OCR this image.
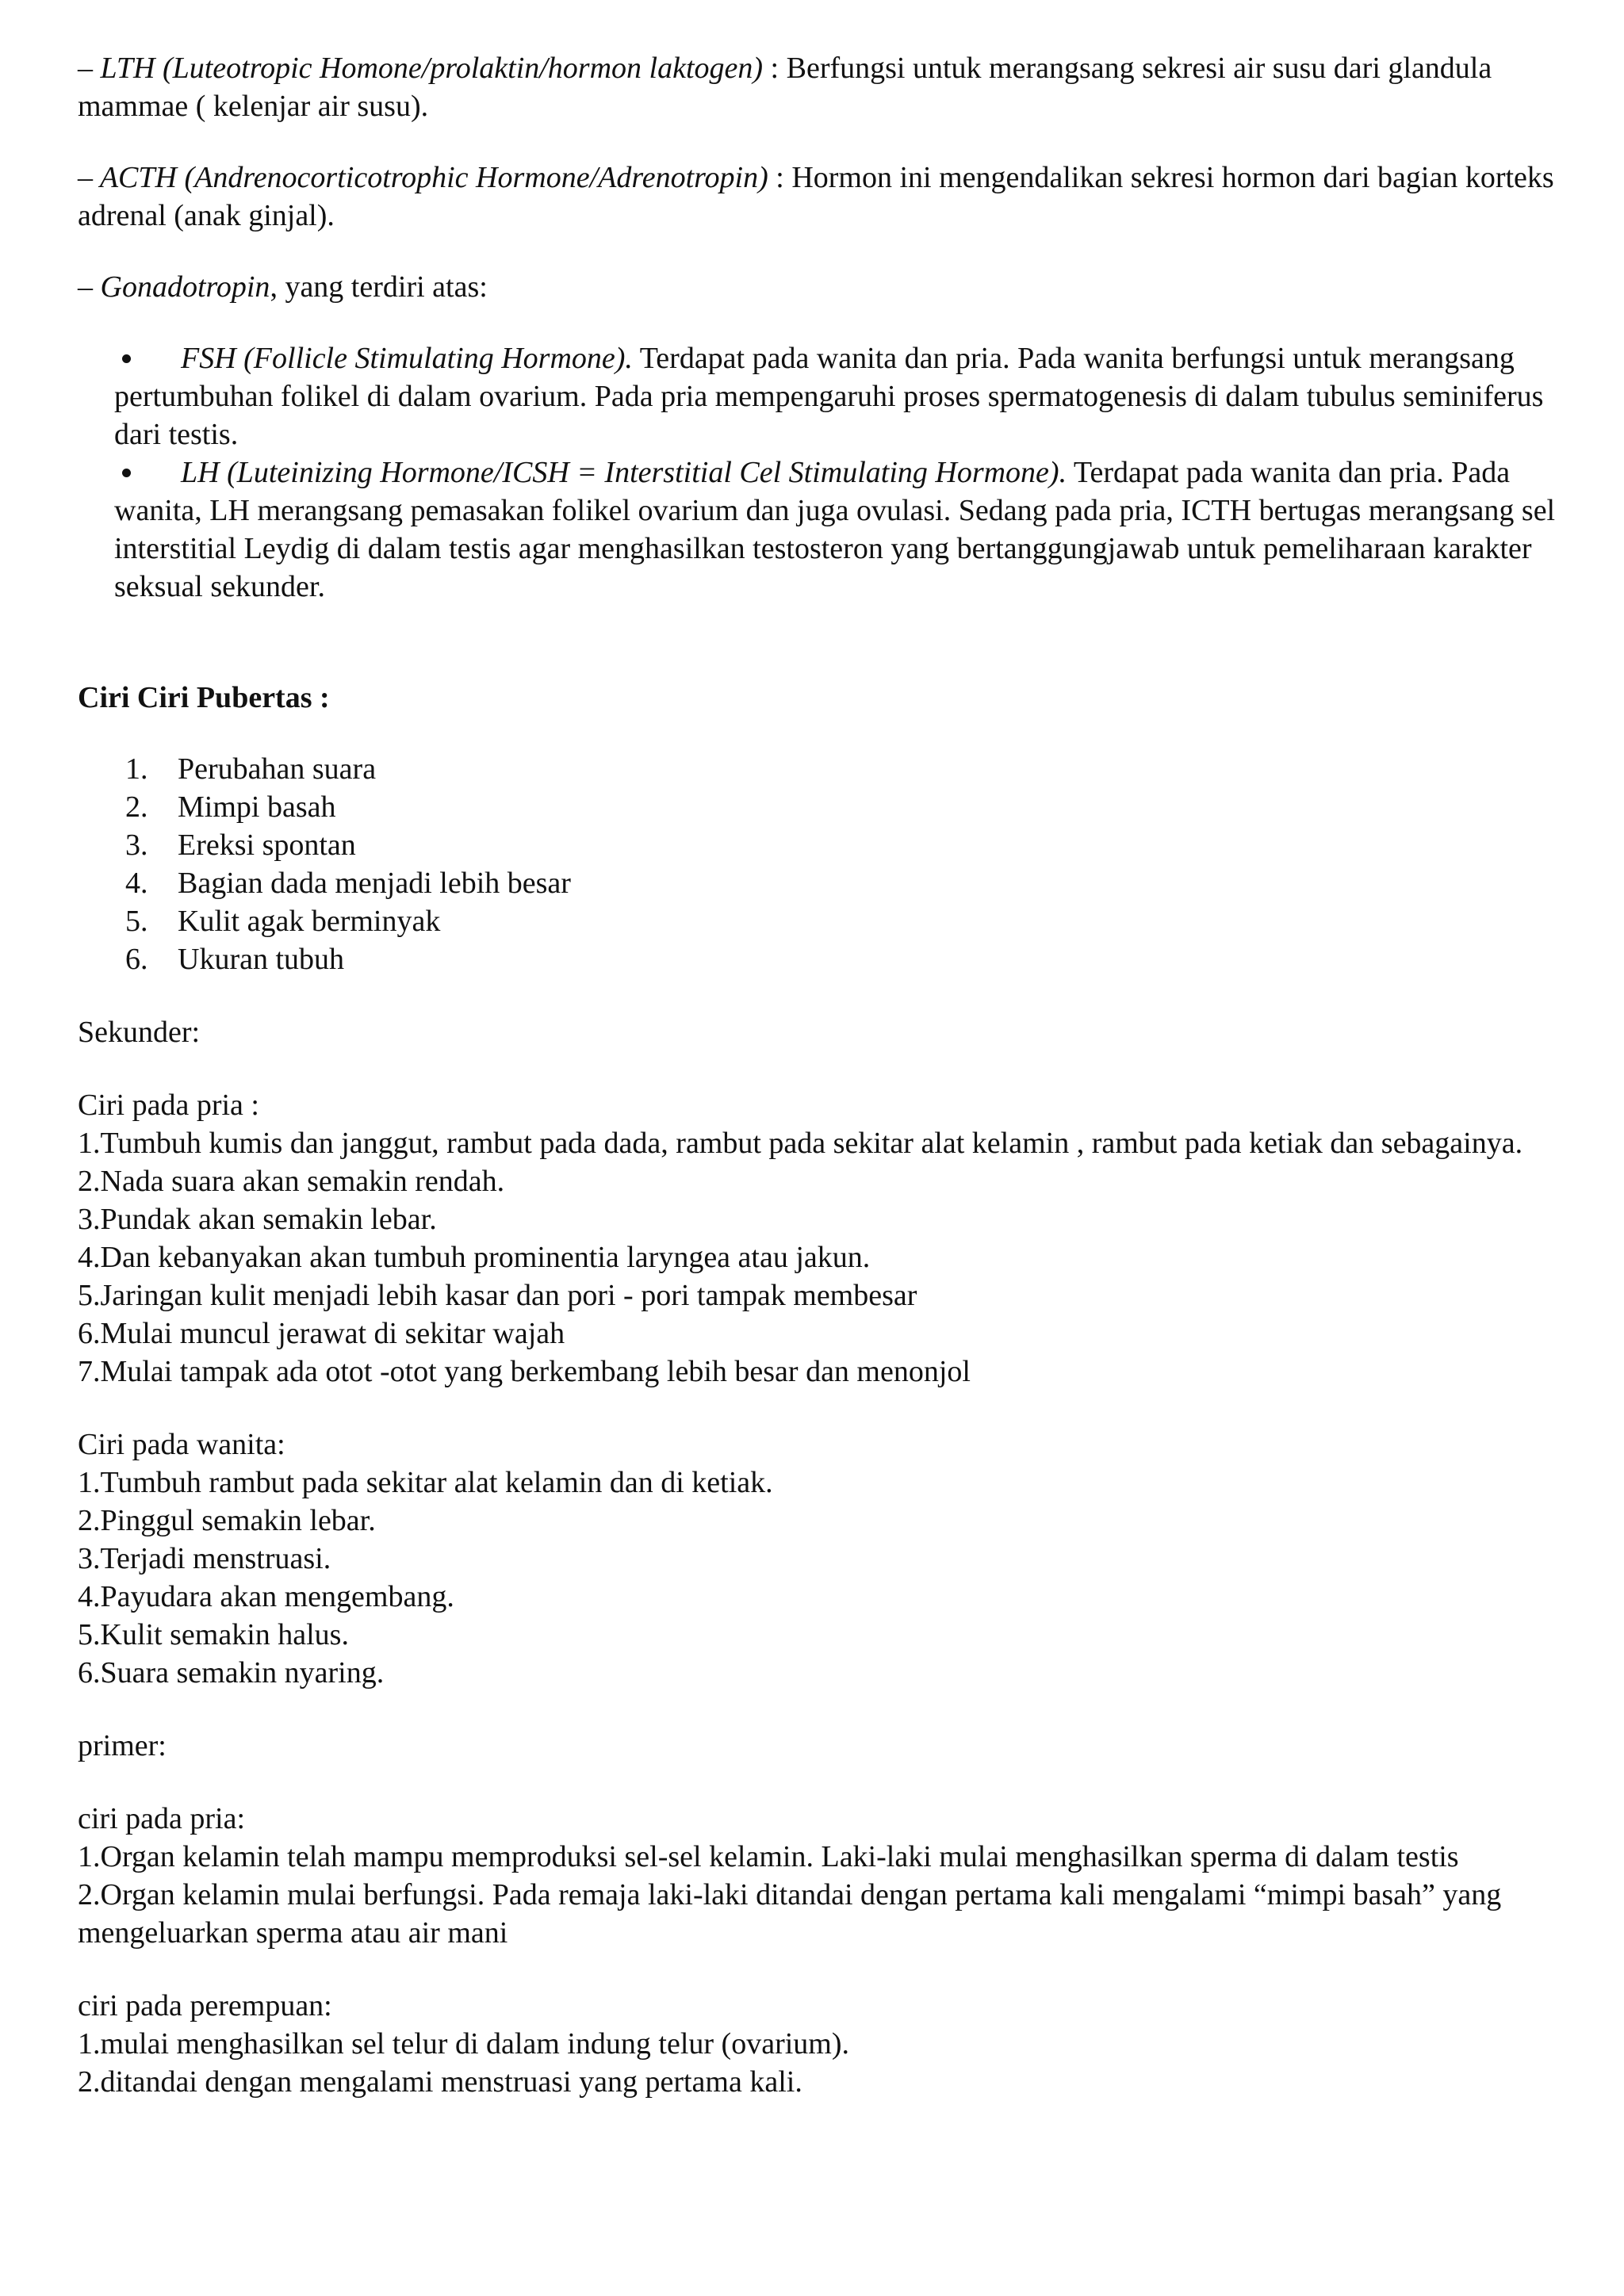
– LTH (Luteotropic Homone/prolaktin/hormon laktogen) : Berfungsi untuk merangsang sekresi air susu dari glandula mammae ( kelenjar air susu).

– ACTH (Andrenocorticotrophic Hormone/Adrenotropin) : Hormon ini mengendalikan sekresi hormon dari bagian korteks adrenal (anak ginjal).

– Gonadotropin, yang terdiri atas:

FSH (Follicle Stimulating Hormone). Terdapat pada wanita dan pria. Pada wanita berfungsi untuk merangsang pertumbuhan folikel di dalam ovarium. Pada pria mempengaruhi proses spermatogenesis di dalam tubulus seminiferus dari testis.
LH (Luteinizing Hormone/ICSH = Interstitial Cel Stimulating Hormone). Terdapat pada wanita dan pria. Pada wanita, LH merangsang pemasakan folikel ovarium dan juga ovulasi. Sedang pada pria, ICTH bertugas merangsang sel interstitial Leydig di dalam testis agar menghasilkan testosteron yang bertanggungjawab untuk pemeliharaan karakter seksual sekunder.

Ciri Ciri Pubertas :

1. Perubahan suara
2. Mimpi basah
3. Ereksi spontan
4. Bagian dada menjadi lebih besar
5. Kulit agak berminyak
6. Ukuran tubuh

Sekunder:

Ciri pada pria :

1.Tumbuh kumis dan janggut, rambut pada dada, rambut pada sekitar alat kelamin , rambut pada ketiak dan sebagainya.

2.Nada suara akan semakin rendah.

3.Pundak akan semakin lebar.

4.Dan kebanyakan akan tumbuh prominentia laryngea atau jakun.

5.Jaringan kulit menjadi lebih kasar dan pori - pori tampak membesar

6.Mulai muncul jerawat di sekitar wajah

7.Mulai tampak ada otot -otot yang berkembang lebih besar dan menonjol

Ciri pada wanita:

1.Tumbuh rambut pada sekitar alat kelamin dan di ketiak.

2.Pinggul semakin lebar.

3.Terjadi menstruasi.

4.Payudara akan mengembang.

5.Kulit semakin halus.

6.Suara semakin nyaring.

primer:

ciri pada pria:

1.Organ kelamin telah mampu memproduksi sel-sel kelamin. Laki-laki mulai menghasilkan sperma di dalam testis

2.Organ kelamin mulai berfungsi. Pada remaja laki-laki ditandai dengan pertama kali mengalami “mimpi basah” yang mengeluarkan sperma atau air mani

ciri pada perempuan:

1.mulai menghasilkan sel telur di dalam indung telur (ovarium).

2.ditandai dengan mengalami menstruasi yang pertama kali.
